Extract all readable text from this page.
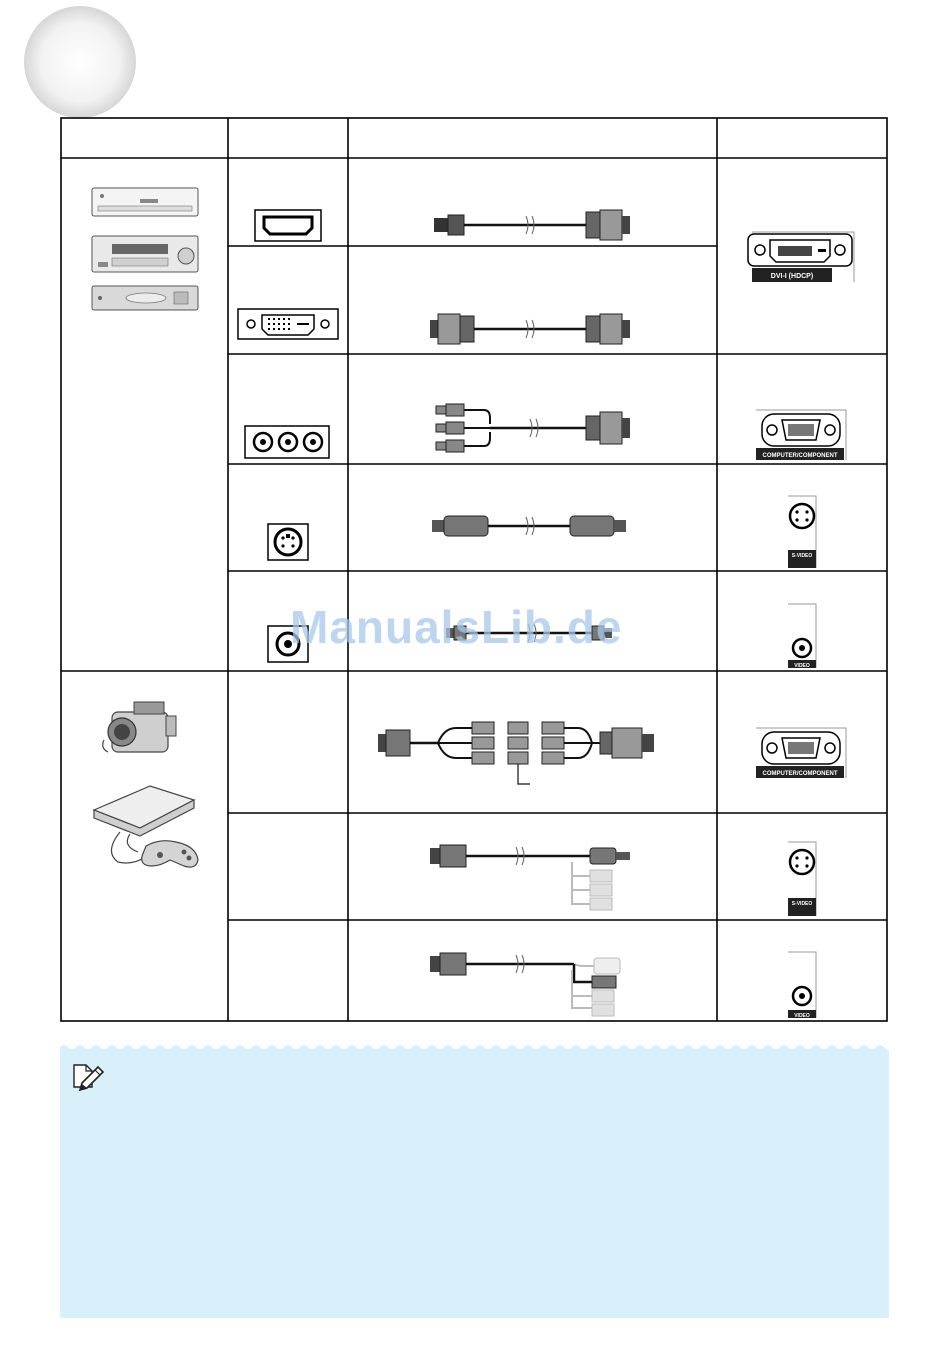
DVI-I (HDCP)
COMPUTER/COMPONENT
S-VIDEO
VIDEO
COMPUTER/COMPONENT
S-VIDEO
VIDEO
ManualsLib.de
